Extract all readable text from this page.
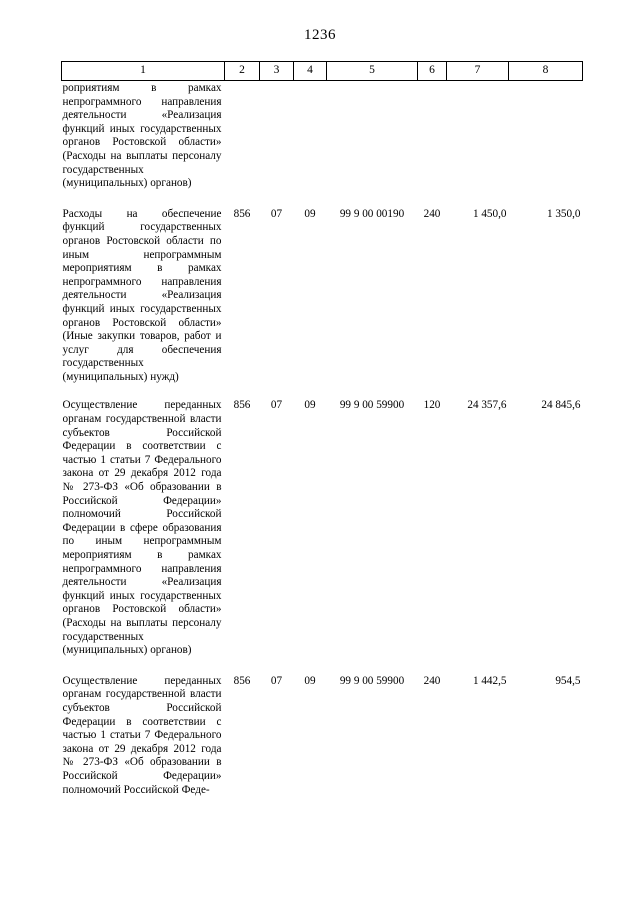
1236
1	2	3	4	5	6	7	8
роприятиям в рамках непрограммного направления деятельности «Реализация функций иных государственных органов Ростовской области» (Расходы на выплаты персоналу государственных (муниципальных) органов)							
Расходы на обеспечение функций государственных органов Ростовской области по иным непрограммным мероприятиям в рамках непрограммного направления деятельности «Реализация функций иных государственных органов Ростовской области» (Иные закупки товаров, работ и услуг для обеспечения государственных (муниципальных) нужд)	856	07	09	99 9 00 00190	240	1 450,0	1 350,0
Осуществление переданных органам государственной власти субъектов Российской Федерации в соответствии с частью 1 статьи 7 Федерального закона от 29 декабря 2012 года № 273-ФЗ «Об образовании в Российской Федерации» полномочий Российской Федерации в сфере образования по иным непрограммным мероприятиям в рамках непрограммного направления деятельности «Реализация функций иных государственных органов Ростовской области» (Расходы на выплаты персоналу государственных (муниципальных) органов)	856	07	09	99 9 00 59900	120	24 357,6	24 845,6
Осуществление переданных органам государственной власти субъектов Российской Федерации в соответствии с частью 1 статьи 7 Федерального закона от 29 декабря 2012 года № 273-ФЗ «Об образовании в Российской Федерации» полномочий Российской Феде-	856	07	09	99 9 00 59900	240	1 442,5	954,5
